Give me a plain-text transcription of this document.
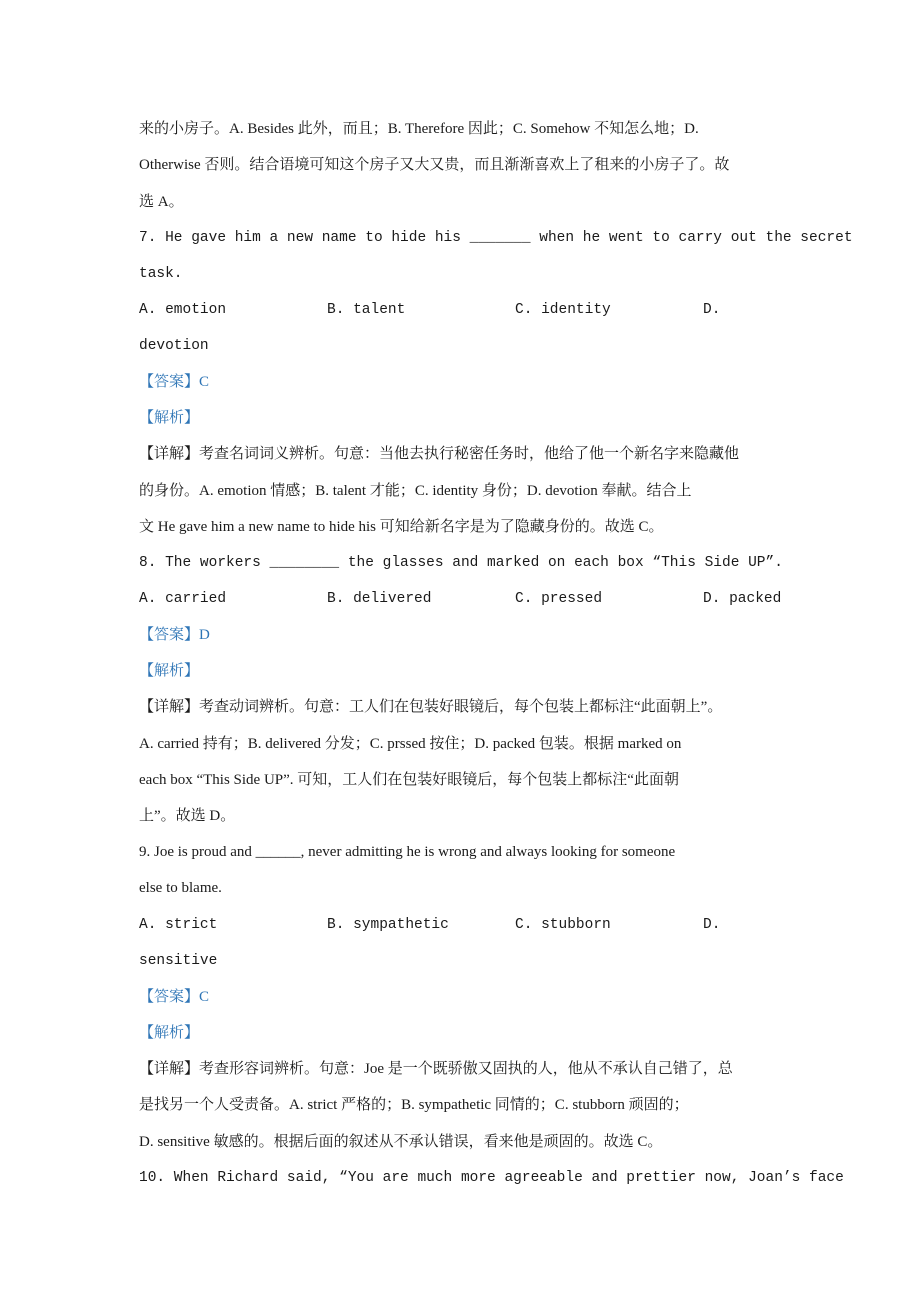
来的小房子。A. Besides 此外，而且；B. Therefore 因此；C. Somehow 不知怎么地；D.
Otherwise 否则。结合语境可知这个房子又大又贵，而且渐渐喜欢上了租来的小房子了。故
选 A。
7. He gave him a new name to hide his _______ when he went to carry out the secret
task.
A. emotion	B. talent	C. identity	D.
devotion
【答案】C
【解析】
【详解】考查名词词义辨析。句意：当他去执行秘密任务时，他给了他一个新名字来隐藏他
的身份。A. emotion 情感；B. talent 才能；C. identity 身份；D. devotion 奉献。结合上
文 He gave him a new name to hide his 可知给新名字是为了隐藏身份的。故选 C。
8. The workers ________ the glasses and marked on each box “This Side UP”.
A. carried	B. delivered	C. pressed	D. packed
【答案】D
【解析】
【详解】考查动词辨析。句意：工人们在包装好眼镜后，每个包装上都标注“此面朝上”。
A. carried 持有；B. delivered 分发；C. prssed 按住；D. packed 包装。根据 marked on
each box “This Side UP”. 可知，工人们在包装好眼镜后，每个包装上都标注“此面朝
上”。故选 D。
9. Joe is proud and ______, never admitting he is wrong and always looking for someone
else to blame.
A. strict	B. sympathetic	C. stubborn	D.
sensitive
【答案】C
【解析】
【详解】考查形容词辨析。句意：Joe 是一个既骄傲又固执的人，他从不承认自己错了，总
是找另一个人受责备。A. strict 严格的；B. sympathetic 同情的；C. stubborn 顽固的；
D. sensitive 敏感的。根据后面的叙述从不承认错误，看来他是顽固的。故选 C。
10. When Richard said, “You are much more agreeable and prettier now, Joan’s face
